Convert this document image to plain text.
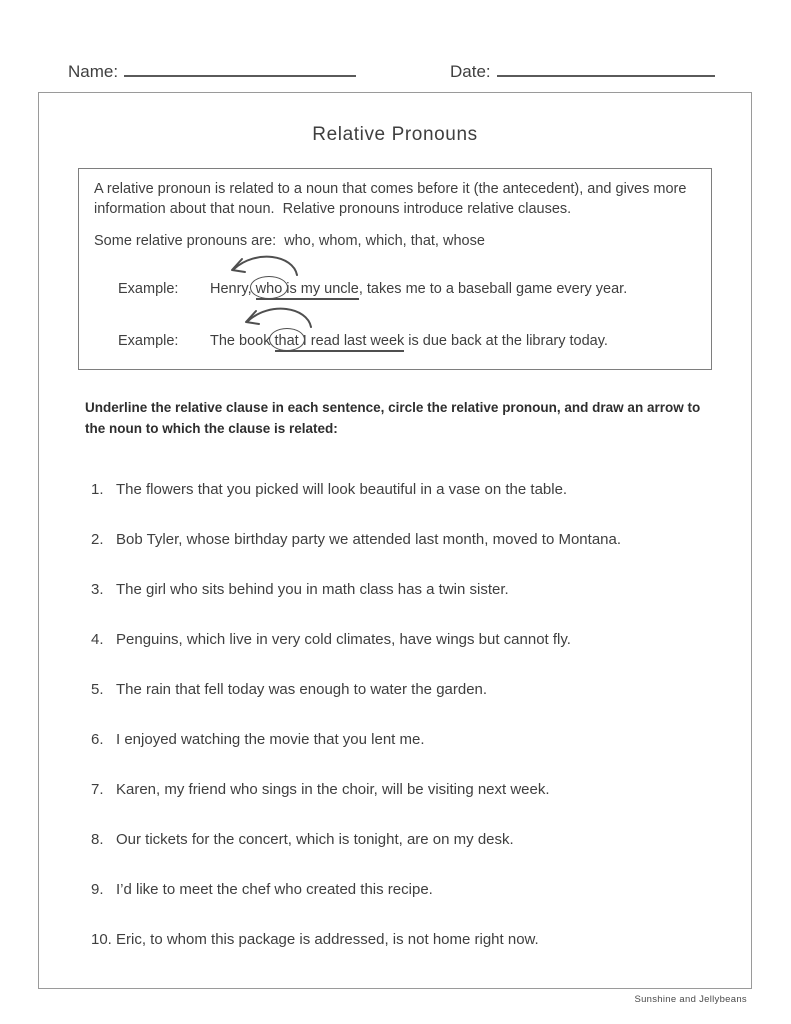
Name:	Date:
Relative Pronouns
A relative pronoun is related to a noun that comes before it (the antecedent), and gives more information about that noun.  Relative pronouns introduce relative clauses.
Some relative pronouns are:  who, whom, which, that, whose
Example: Henry, who is my uncle, takes me to a baseball game every year.
Example: The book that I read last week is due back at the library today.
Underline the relative clause in each sentence, circle the relative pronoun, and draw an arrow to the noun to which the clause is related:
1. The flowers that you picked will look beautiful in a vase on the table.
2. Bob Tyler, whose birthday party we attended last month, moved to Montana.
3. The girl who sits behind you in math class has a twin sister.
4. Penguins, which live in very cold climates, have wings but cannot fly.
5. The rain that fell today was enough to water the garden.
6. I enjoyed watching the movie that you lent me.
7. Karen, my friend who sings in the choir, will be visiting next week.
8. Our tickets for the concert, which is tonight, are on my desk.
9. I’d like to meet the chef who created this recipe.
10. Eric, to whom this package is addressed, is not home right now.
Sunshine and Jellybeans
